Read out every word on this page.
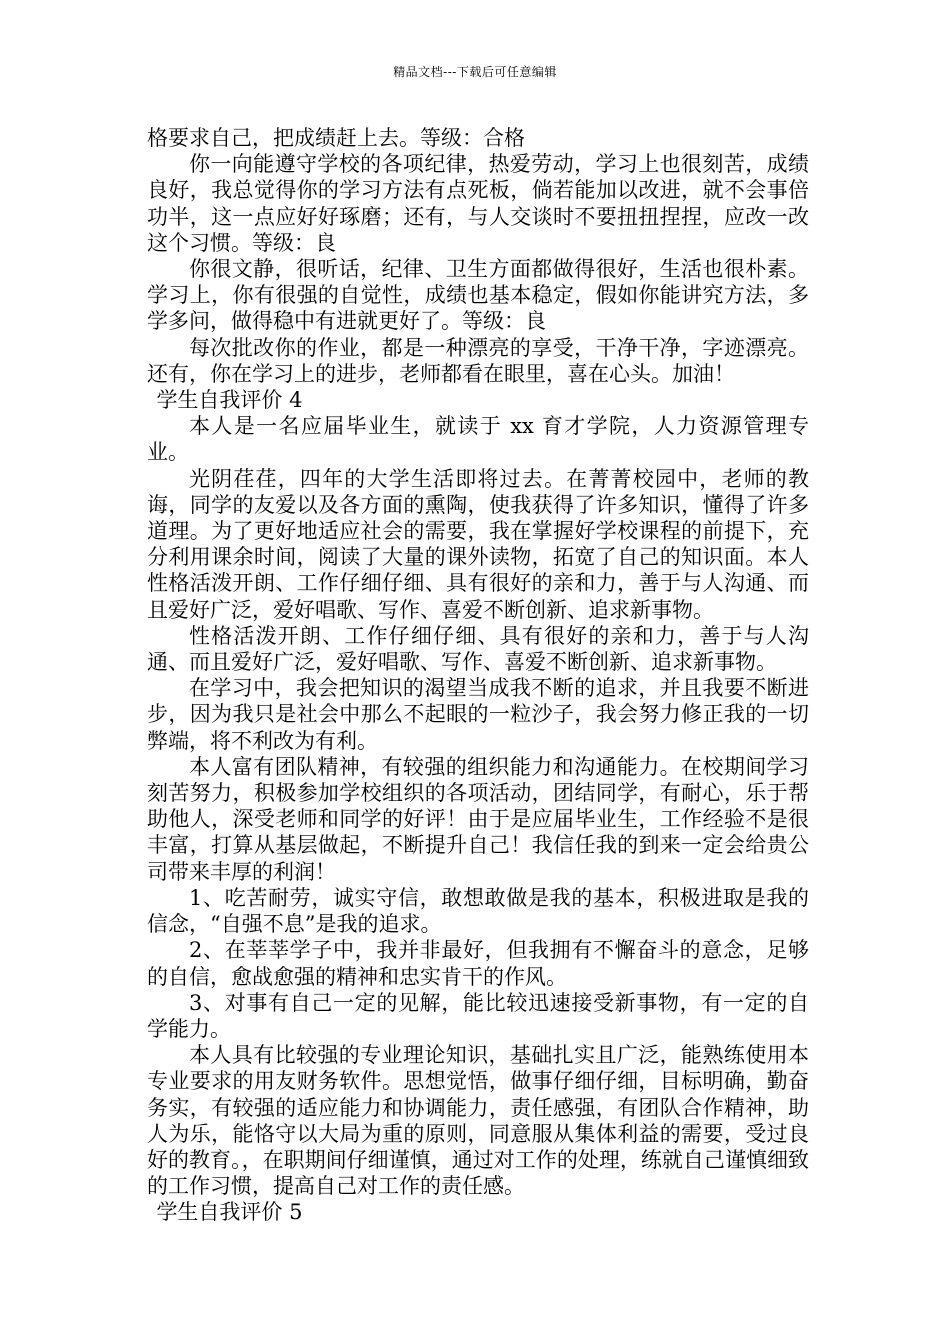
精品文档---下载后可任意编辑

格要求自己，把成绩赶上去。等级：合格

你一向能遵守学校的各项纪律，热爱劳动，学习上也很刻苦，成绩良好，我总觉得你的学习方法有点死板，倘若能加以改进，就不会事倍功半，这一点应好好琢磨；还有，与人交谈时不要扭扭捏捏，应改一改这个习惯。等级：良

你很文静，很听话，纪律、卫生方面都做得很好，生活也很朴素。学习上，你有很强的自觉性，成绩也基本稳定，假如你能讲究方法，多学多问，做得稳中有进就更好了。等级：良

每次批改你的作业，都是一种漂亮的享受，干净干净，字迹漂亮。还有，你在学习上的进步，老师都看在眼里，喜在心头。加油！

学生自我评价 4

本人是一名应届毕业生，就读于 xx 育才学院，人力资源管理专业。

光阴荏荏，四年的大学生活即将过去。在菁菁校园中，老师的教诲，同学的友爱以及各方面的熏陶，使我获得了许多知识，懂得了许多道理。为了更好地适应社会的需要，我在掌握好学校课程的前提下，充分利用课余时间，阅读了大量的课外读物，拓宽了自己的知识面。本人性格活泼开朗、工作仔细仔细、具有很好的亲和力，善于与人沟通、而且爱好广泛，爱好唱歌、写作、喜爱不断创新、追求新事物。

性格活泼开朗、工作仔细仔细、具有很好的亲和力，善于与人沟通、而且爱好广泛，爱好唱歌、写作、喜爱不断创新、追求新事物。

在学习中，我会把知识的渴望当成我不断的追求，并且我要不断进步，因为我只是社会中那么不起眼的一粒沙子，我会努力修正我的一切弊端，将不利改为有利。

本人富有团队精神，有较强的组织能力和沟通能力。在校期间学习刻苦努力，积极参加学校组织的各项活动，团结同学，有耐心，乐于帮助他人，深受老师和同学的好评！由于是应届毕业生，工作经验不是很丰富，打算从基层做起，不断提升自己！我信任我的到来一定会给贵公司带来丰厚的利润！

1、吃苦耐劳，诚实守信，敢想敢做是我的基本，积极进取是我的信念，“自强不息”是我的追求。

2、在莘莘学子中，我并非最好，但我拥有不懈奋斗的意念，足够的自信，愈战愈强的精神和忠实肯干的作风。

3、对事有自己一定的见解，能比较迅速接受新事物，有一定的自学能力。

本人具有比较强的专业理论知识，基础扎实且广泛，能熟练使用本专业要求的用友财务软件。思想觉悟，做事仔细仔细，目标明确，勤奋务实，有较强的适应能力和协调能力，责任感强，有团队合作精神，助人为乐，能恪守以大局为重的原则，同意服从集体利益的需要，受过良好的教育。，在职期间仔细谨慎，通过对工作的处理，练就自己谨慎细致的工作习惯，提高自己对工作的责任感。

学生自我评价 5
